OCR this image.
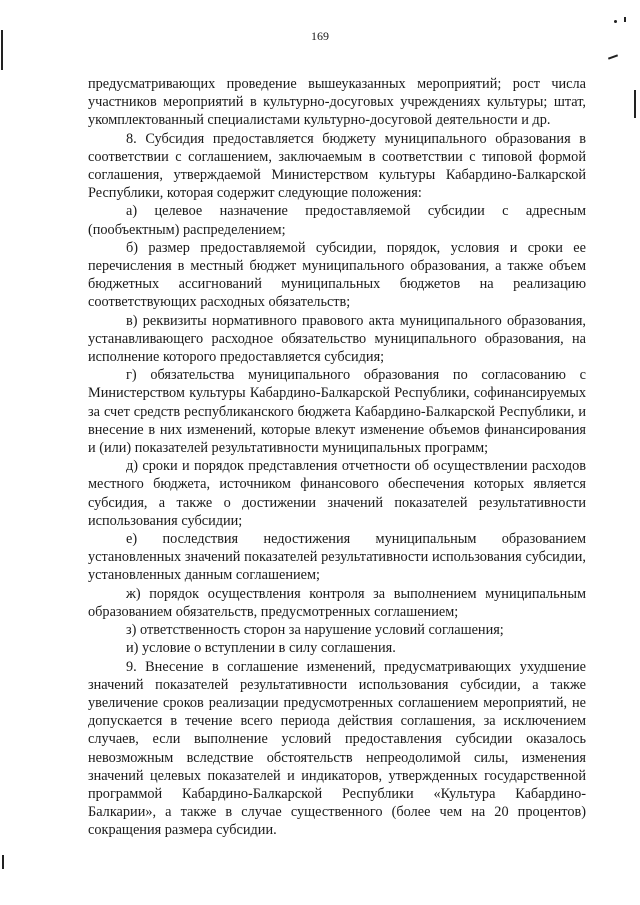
169

предусматривающих проведение вышеуказанных мероприятий; рост числа участников мероприятий в культурно-досуговых учреждениях культуры; штат, укомплектованный специалистами культурно-досуговой деятельности и др.

8. Субсидия предоставляется бюджету муниципального образования в соответствии с соглашением, заключаемым в соответствии с типовой формой соглашения, утверждаемой Министерством культуры Кабардино-Балкарской Республики, которая содержит следующие положения:

а) целевое назначение предоставляемой субсидии с адресным (пообъектным) распределением;

б) размер предоставляемой субсидии, порядок, условия и сроки ее перечисления в местный бюджет муниципального образования, а также объем бюджетных ассигнований муниципальных бюджетов на реализацию соответствующих расходных обязательств;

в) реквизиты нормативного правового акта муниципального образования, устанавливающего расходное обязательство муниципального образования, на исполнение которого предоставляется субсидия;

г) обязательства муниципального образования по согласованию с Министерством культуры Кабардино-Балкарской Республики, софинансируемых за счет средств республиканского бюджета Кабардино-Балкарской Республики, и внесение в них изменений, которые влекут изменение объемов финансирования и (или) показателей результативности муниципальных программ;

д) сроки и порядок представления отчетности об осуществлении расходов местного бюджета, источником финансового обеспечения которых является субсидия, а также о достижении значений показателей результативности использования субсидии;

е) последствия недостижения муниципальным образованием установленных значений показателей результативности использования субсидии, установленных данным соглашением;

ж) порядок осуществления контроля за выполнением муниципальным образованием обязательств, предусмотренных соглашением;

з) ответственность сторон за нарушение условий соглашения;

и) условие о вступлении в силу соглашения.

9. Внесение в соглашение изменений, предусматривающих ухудшение значений показателей результативности использования субсидии, а также увеличение сроков реализации предусмотренных соглашением мероприятий, не допускается в течение всего периода действия соглашения, за исключением случаев, если выполнение условий предоставления субсидии оказалось невозможным вследствие обстоятельств непреодолимой силы, изменения значений целевых показателей и индикаторов, утвержденных государственной программой Кабардино-Балкарской Республики «Культура Кабардино-Балкарии», а также в случае существенного (более чем на 20 процентов) сокращения размера субсидии.
